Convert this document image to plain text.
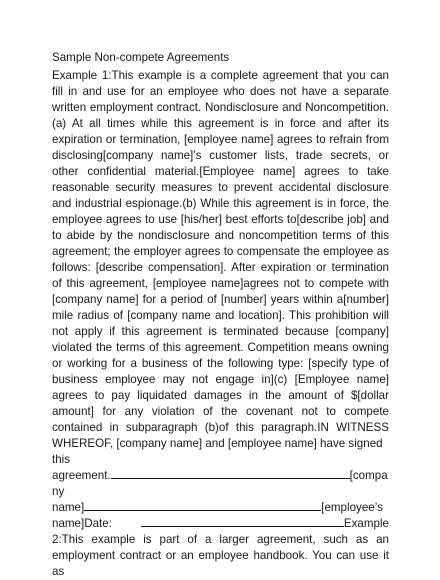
Sample Non-compete Agreements

Example 1:This example is a complete agreement that you can fill in and use for an employee who does not have a separate written employment contract. Nondisclosure and Noncompetition. (a) At all times while this agreement is in force and after its expiration or termination, [employee name] agrees to refrain from disclosing[company name]’s customer lists, trade secrets, or other confidential material.[Employee name] agrees to take reasonable security measures to prevent accidental disclosure and industrial espionage.(b) While this agreement is in force, the employee agrees to use [his/her] best efforts to[describe job] and to abide by the nondisclosure and noncompetition terms of this agreement; the employer agrees to compensate the employee as follows: [describe compensation]. After expiration or termination of this agreement, [employee name]agrees not to compete with [company name] for a period of [number] years within a[number] mile radius of [company name and location]. This prohibition will not apply if this agreement is terminated because [company] violated the terms of this agreement. Competition means owning or working for a business of the following type: [specify type of business employee may not engage in](c) [Employee name] agrees to pay liquidated damages in the amount of $[dollar amount] for any violation of the covenant not to compete contained in subparagraph (b)of this paragraph.IN WITNESS WHEREOF, [company name] and [employee name] have signed

this
agreement.	[compa
ny
name]	[employee’s
name]Date:	Example

2:This example is part of a larger agreement, such as an employment contract or an employee handbook. You can use it as
